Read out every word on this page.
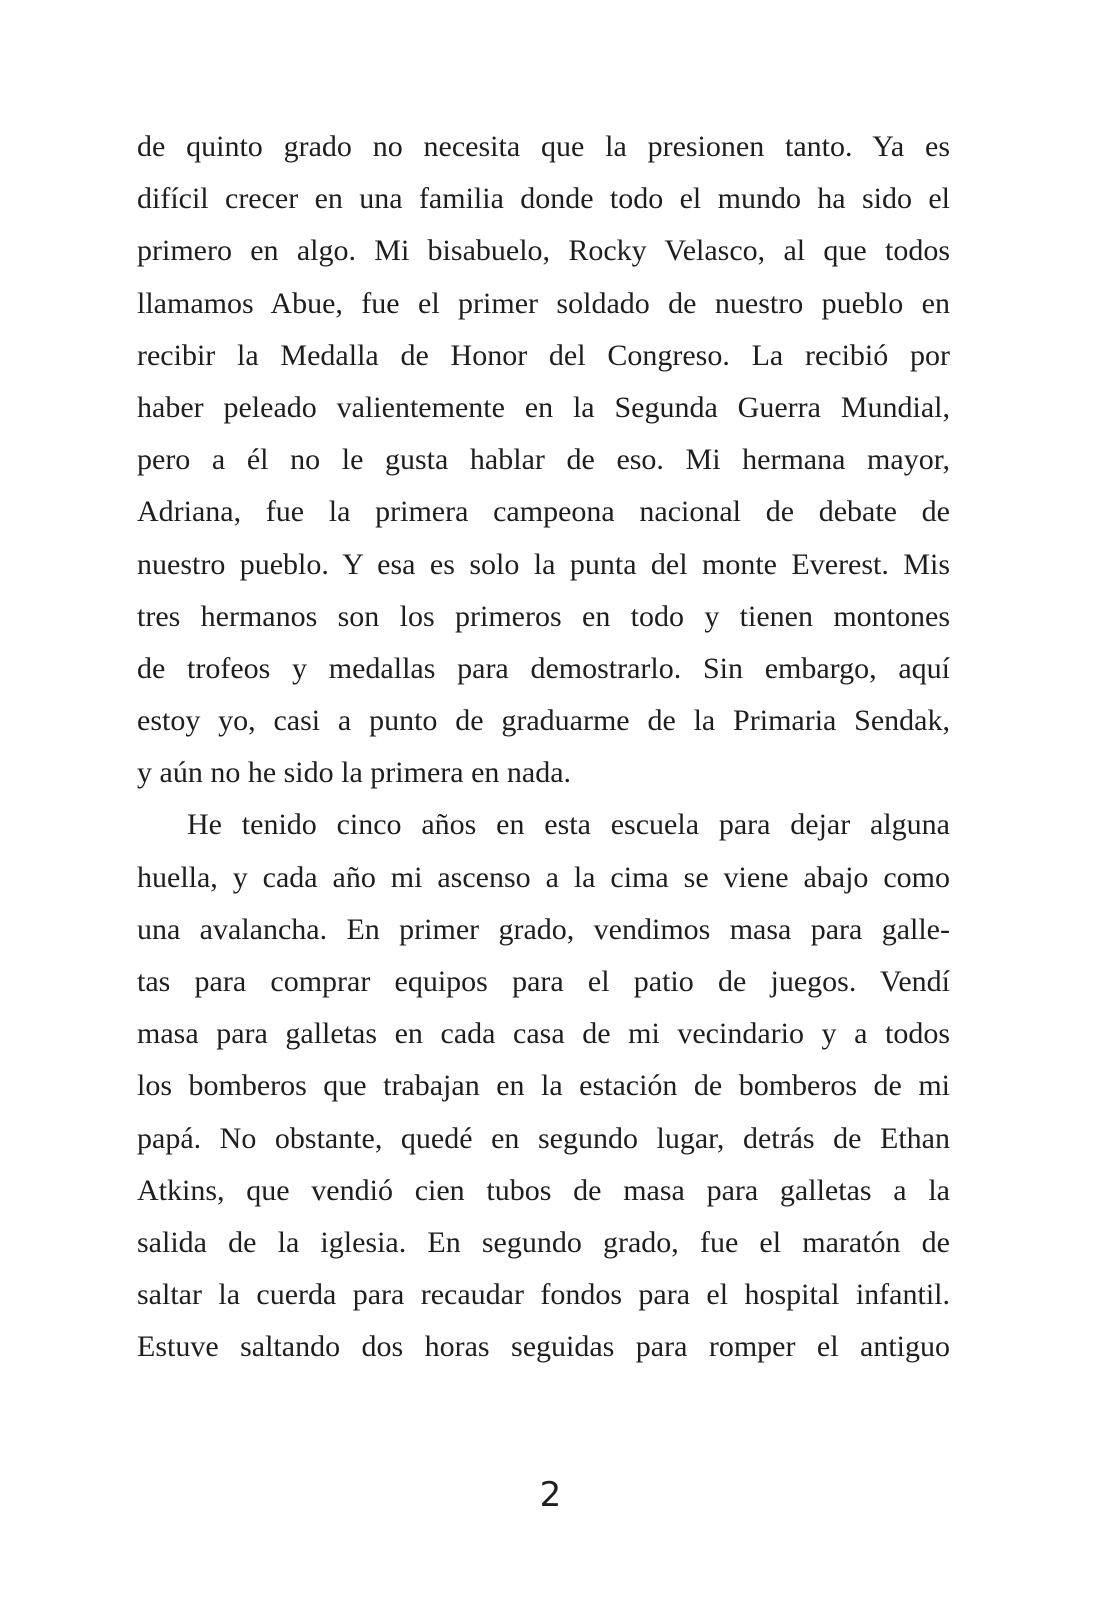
de quinto grado no necesita que la presionen tanto. Ya es
difícil crecer en una familia donde todo el mundo ha sido el
primero en algo. Mi bisabuelo, Rocky Velasco, al que todos
llamamos Abue, fue el primer soldado de nuestro pueblo en
recibir la Medalla de Honor del Congreso. La recibió por
haber peleado valientemente en la Segunda Guerra Mundial,
pero a él no le gusta hablar de eso. Mi hermana mayor,
Adriana, fue la primera campeona nacional de debate de
nuestro pueblo. Y esa es solo la punta del monte Everest. Mis
tres hermanos son los primeros en todo y tienen montones
de trofeos y medallas para demostrarlo. Sin embargo, aquí
estoy yo, casi a punto de graduarme de la Primaria Sendak,
y aún no he sido la primera en nada.
He tenido cinco años en esta escuela para dejar alguna
huella, y cada año mi ascenso a la cima se viene abajo como
una avalancha. En primer grado, vendimos masa para galle-
tas para comprar equipos para el patio de juegos. Vendí
masa para galletas en cada casa de mi vecindario y a todos
los bomberos que trabajan en la estación de bomberos de mi
papá. No obstante, quedé en segundo lugar, detrás de Ethan
Atkins, que vendió cien tubos de masa para galletas a la
salida de la iglesia. En segundo grado, fue el maratón de
saltar la cuerda para recaudar fondos para el hospital infantil.
Estuve saltando dos horas seguidas para romper el antiguo
2
